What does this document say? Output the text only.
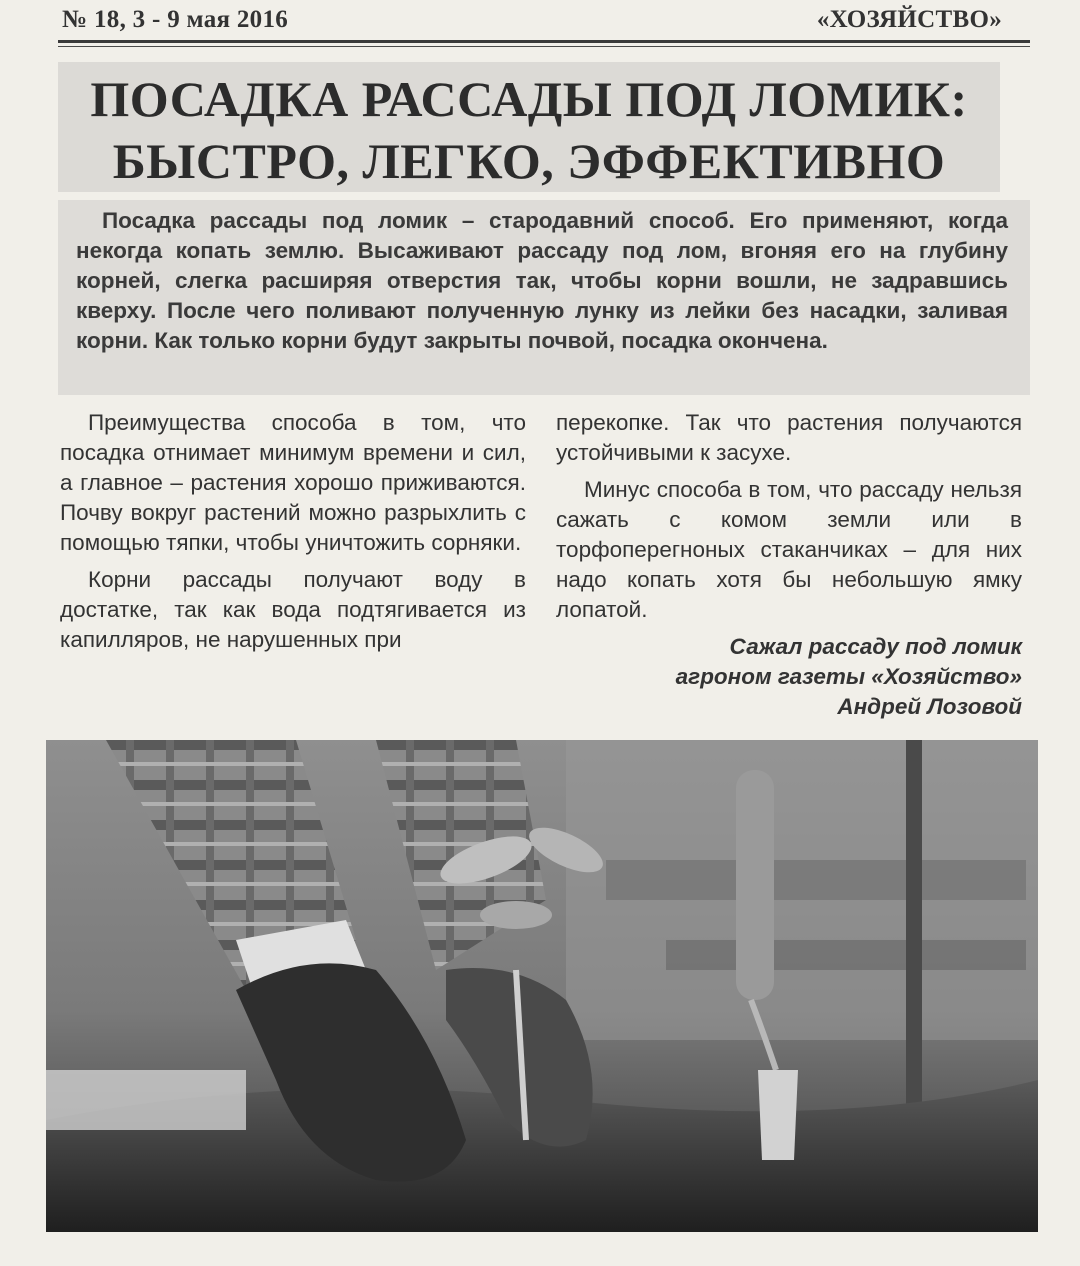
№ 18, 3 - 9 мая 2016	«ХОЗЯЙСТВО»
ПОСАДКА РАССАДЫ ПОД ЛОМИК:
БЫСТРО, ЛЕГКО, ЭФФЕКТИВНО

Посадка рассады под ломик – стародавний способ. Его применяют, когда некогда копать землю. Высаживают рассаду под лом, вгоняя его на глубину корней, слегка расширяя отверстия так, чтобы корни вошли, не задравшись кверху. После чего поливают полученную лунку из лейки без насадки, заливая корни. Как только корни будут закрыты почвой, посадка окончена.

Преимущества способа в том, что посадка отнимает минимум времени и сил, а главное – растения хорошо приживаются. Почву вокруг растений можно разрыхлить с помощью тяпки, чтобы уничтожить сорняки.

Корни рассады получают воду в достатке, так как вода подтягивается из капилляров, не нарушенных при

перекопке. Так что растения получаются устойчивыми к засухе.

Минус способа в том, что рассаду нельзя сажать с комом земли или в торфоперегноных стаканчиках – для них надо копать хотя бы небольшую ямку лопатой.

Сажал рассаду под ломик
агроном газеты «Хозяйство»
Андрей Лозовой
